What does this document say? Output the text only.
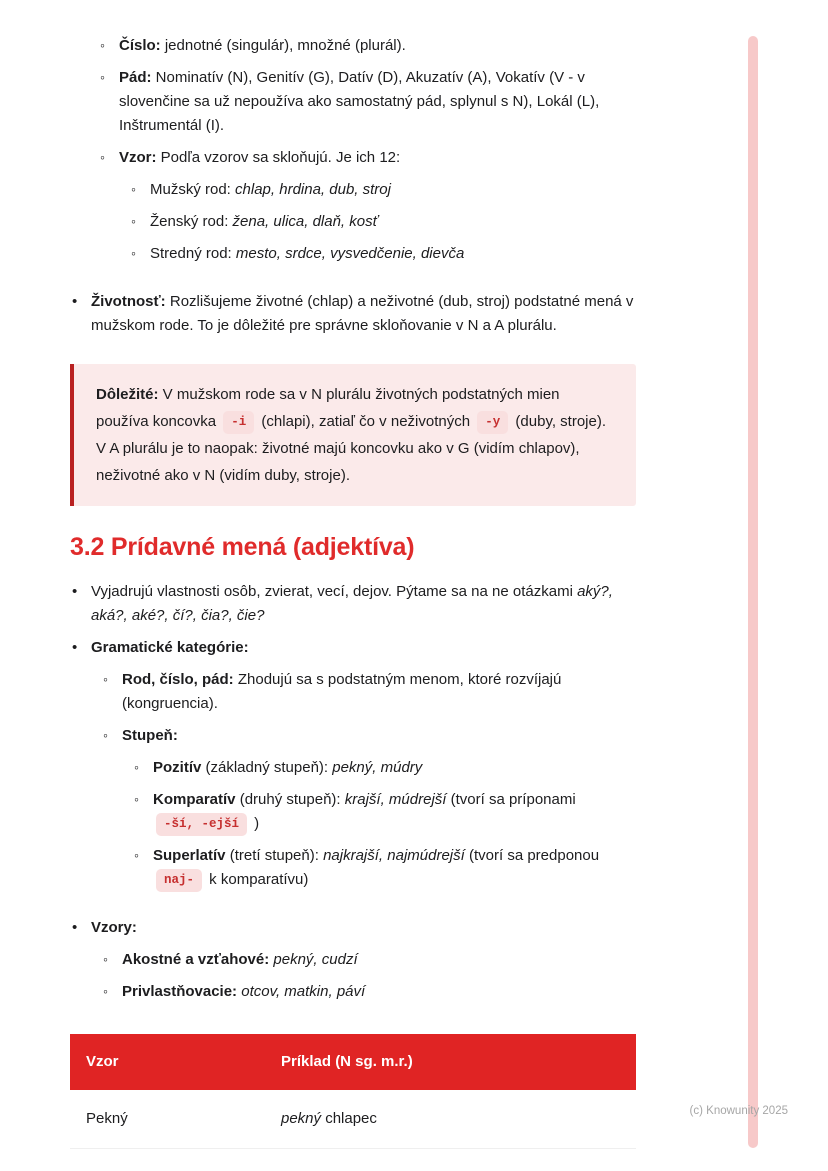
(c) Knowunity 2025
◦ Číslo: jednotné (singulár), množné (plurál).
◦ Pád: Nominatív (N), Genitív (G), Datív (D), Akuzatív (A), Vokatív (V - v slovenčine sa už nepoužíva ako samostatný pád, splynul s N), Lokál (L), Inštrumentál (I).
◦ Vzor: Podľa vzorov sa skloňujú. Je ich 12:

◦ Mužský rod: chlap, hrdina, dub, stroj
◦ Ženský rod: žena, ulica, dlaň, kosť
◦ Stredný rod: mesto, srdce, vysvedčenie, dievča
• Životnosť: Rozlišujeme životné (chlap) a neživotné (dub, stroj) podstatné mená v mužskom rode. To je dôležité pre správne skloňovanie v N a A plurálu.

Dôležité: V mužskom rode sa v N plurálu životných podstatných mien používa koncovka -i (chlapi), zatiaľ čo v neživotných -y (duby, stroje). V A plurálu je to naopak: životné majú koncovku ako v G (vidím chlapov), neživotné ako v N (vidím duby, stroje).

3.2 Prídavné mená (adjektíva)
• Vyjadrujú vlastnosti osôb, zvierat, vecí, dejov. Pýtame sa na ne otázkami aký?, aká?, aké?, čí?, čia?, čie?
• Gramatické kategórie:

◦ Rod, číslo, pád: Zhodujú sa s podstatným menom, ktoré rozvíjajú (kongruencia).
◦ Stupeň:

◦ Pozitív (základný stupeň): pekný, múdry
◦ Komparatív (druhý stupeň): krajší, múdrejší (tvorí sa príponami -ší, -ejší )
◦ Superlatív (tretí stupeň): najkrajší, najmúdrejší (tvorí sa predponou naj- k komparatívu)
• Vzory:

◦ Akostné a vzťahové: pekný, cudzí
◦ Privlastňovacie: otcov, matkin, páví
Vzor	Príklad (N sg. m.r.)
Pekný	pekný chlapec
